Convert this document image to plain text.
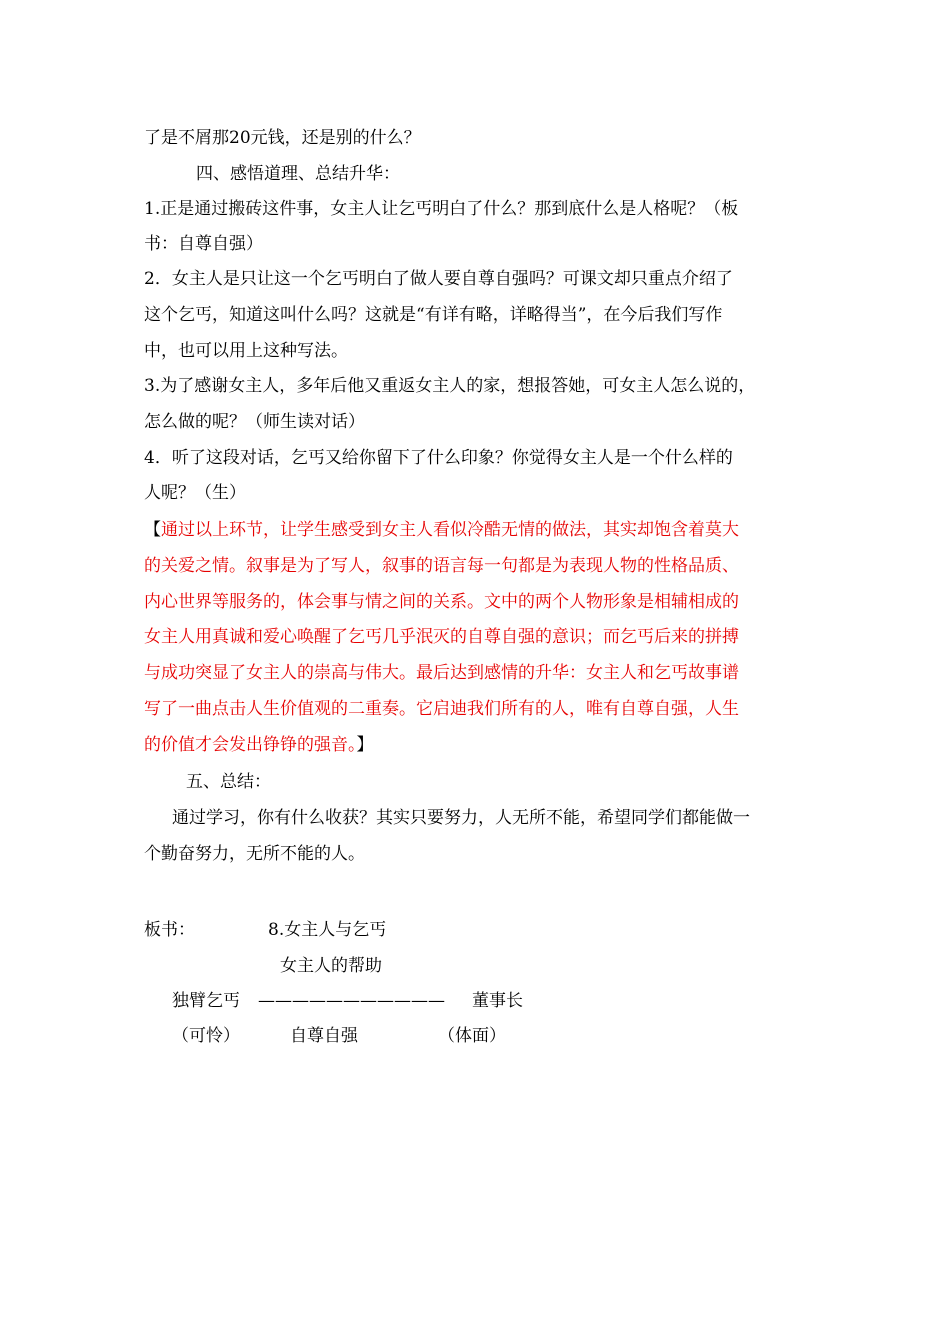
了是不屑那20元钱，还是别的什么？
四、感悟道理、总结升华：
1.正是通过搬砖这件事，女主人让乞丐明白了什么？那到底什么是人格呢？（板
书：自尊自强）
2．女主人是只让这一个乞丐明白了做人要自尊自强吗？可课文却只重点介绍了
这个乞丐，知道这叫什么吗？这就是“有详有略，详略得当”，在今后我们写作
中，也可以用上这种写法。
3.为了感谢女主人，多年后他又重返女主人的家，想报答她，可女主人怎么说的，
怎么做的呢？（师生读对话）
4．听了这段对话，乞丐又给你留下了什么印象？你觉得女主人是一个什么样的
人呢？（生）
【通过以上环节，让学生感受到女主人看似冷酷无情的做法，其实却饱含着莫大
的关爱之情。叙事是为了写人，叙事的语言每一句都是为表现人物的性格品质、
内心世界等服务的，体会事与情之间的关系。文中的两个人物形象是相辅相成的
女主人用真诚和爱心唤醒了乞丐几乎泯灭的自尊自强的意识；而乞丐后来的拼搏
与成功突显了女主人的崇高与伟大。最后达到感情的升华：女主人和乞丐故事谱
写了一曲点击人生价值观的二重奏。它启迪我们所有的人，唯有自尊自强，人生
的价值才会发出铮铮的强音。】
五、总结：
通过学习，你有什么收获？其实只要努力，人无所不能，希望同学们都能做一
个勤奋努力，无所不能的人。
板书：	8.女主人与乞丐
女主人的帮助
独臂乞丐 ——————————— 董事长
（可怜）	自尊自强	（体面）
